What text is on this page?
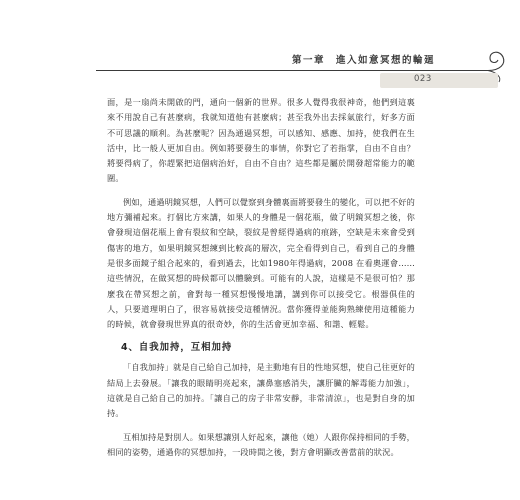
第一章　進入如意冥想的輪廻
023

面，是一扇尚未開啟的門，通向一個新的世界。很多人覺得我很神奇，他們到這裏來不用說自己有甚麼病，我就知道他有甚麼病；甚至我外出去採氣旅行，好多方面不可思議的順利。為甚麼呢？因為通過冥想，可以感知、感應、加持，使我們在生活中，比一般人更加自由。例如將要發生的事情，你對它了若指掌，自由不自由？將要得病了，你趕緊把這個病治好，自由不自由？這些都是屬於開發超常能力的範圍。

例如，通過明鏡冥想，人們可以覺察到身體裏面將要發生的變化，可以把不好的地方彌補起來。打個比方來講，如果人的身體是一個花瓶，做了明鏡冥想之後，你會發現這個花瓶上會有裂紋和空缺，裂紋是曾經得過病的痕跡，空缺是未來會受到傷害的地方，如果明鏡冥想練到比較高的層次，完全看得到自己，看到自己的身體是很多面鏡子組合起來的，看到過去，比如1980年得過病，2008 在看奧運會……這些情況，在做冥想的時候都可以體驗到。可能有的人說，這樣是不是很可怕？那麼我在帶冥想之前，會對每一種冥想慢慢地講，講到你可以接受它。根器俱佳的人，只要道理明白了，很容易就接受這種情況。當你獲得並能夠熟練使用這種能力的時候，就會發現世界真的很奇妙，你的生活會更加幸福、和諧、輕鬆。

4、自我加持，互相加持

「自我加持」就是自己給自己加持，是主動地有目的性地冥想，使自己往更好的結局上去發展。「讓我的眼睛明亮起來，讓鼻塞感消失，讓肝臟的解毒能力加強」，這就是自己給自己的加持。「讓自己的房子非常安靜，非常清涼」，也是對自身的加持。

互相加持是對別人。如果想讓別人好起來，讓他（她）人跟你保持相同的手勢，相同的姿勢，通過你的冥想加持，一段時間之後，對方會明顯改善當前的狀況。
